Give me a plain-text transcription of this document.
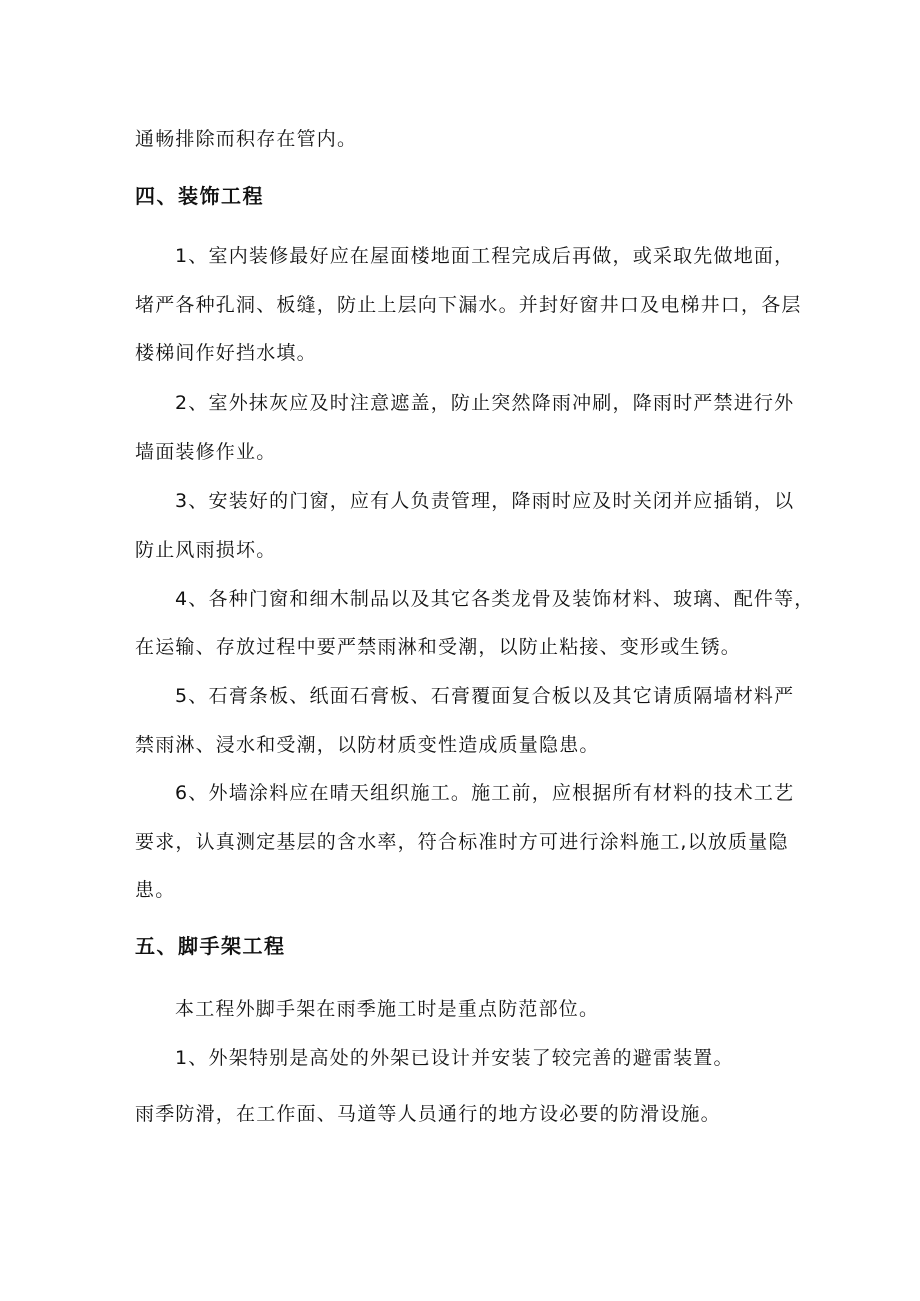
通畅排除而积存在管内。
四、装饰工程
1、室内装修最好应在屋面楼地面工程完成后再做，或采取先做地面，
堵严各种孔洞、板缝，防止上层向下漏水。并封好窗井口及电梯井口，各层
楼梯间作好挡水填。
2、室外抹灰应及时注意遮盖，防止突然降雨冲刷，降雨时严禁进行外
墙面装修作业。
3、安装好的门窗，应有人负责管理，降雨时应及时关闭并应插销，以
防止风雨损坏。
4、各种门窗和细木制品以及其它各类龙骨及装饰材料、玻璃、配件等，
在运输、存放过程中要严禁雨淋和受潮，以防止粘接、变形或生锈。
5、石膏条板、纸面石膏板、石膏覆面复合板以及其它请质隔墙材料严
禁雨淋、浸水和受潮，以防材质变性造成质量隐患。
6、外墙涂料应在晴天组织施工。施工前，应根据所有材料的技术工艺
要求，认真测定基层的含水率，符合标准时方可进行涂料施工,以放质量隐
患。
五、脚手架工程
本工程外脚手架在雨季施工时是重点防范部位。
1、外架特别是高处的外架已设计并安装了较完善的避雷装置。
雨季防滑，在工作面、马道等人员通行的地方设必要的防滑设施。
